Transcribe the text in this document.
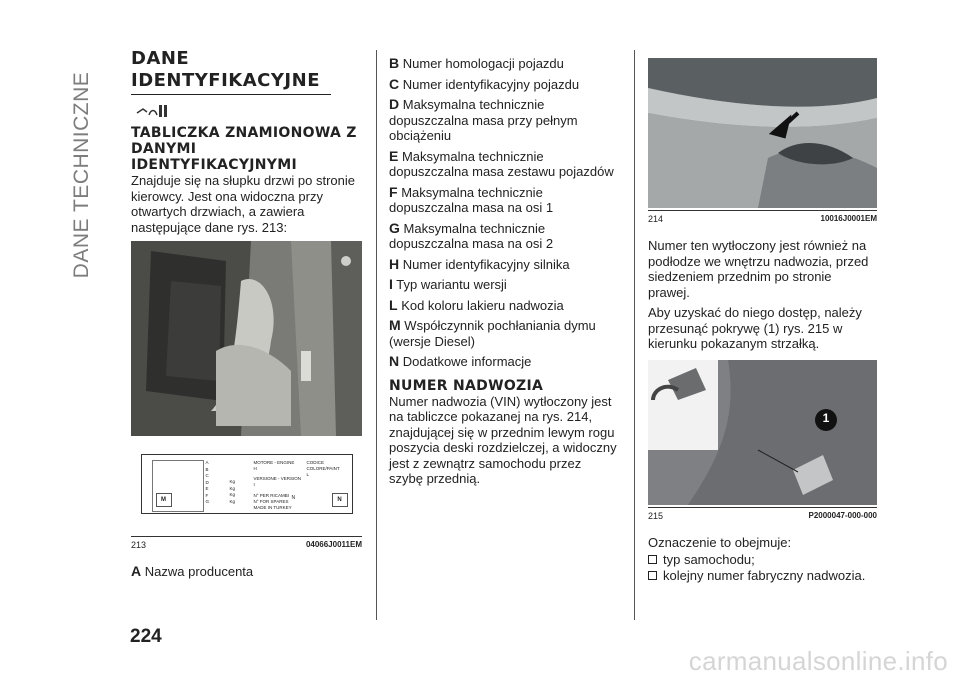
DANE TECHNICZNE
DANE IDENTYFIKACYJNE
TABLICZKA ZNAMIONOWA Z DANYMI IDENTYFIKACYJNYMI

Znajduje się na słupku drzwi po stronie kierowcy. Jest ona widoczna przy otwartych drzwiach, a zawiera następujące dane rys. 213:

M
A
B
C
D
E
F
G
Kg
Kg
Kg
Kg
MOTORE - ENGINE
H
VERSIONE - VERSION
I
N° PER RICAMBI
N° FOR SPARES
MADE IN TURKEY
N
CODICE COLORE/PAINT
L
N
213	04066J0011EM

A Nazwa producenta

B Numer homologacji pojazdu

C Numer identyfikacyjny pojazdu

D Maksymalna technicznie dopuszczalna masa przy pełnym obciążeniu

E Maksymalna technicznie dopuszczalna masa zestawu pojazdów

F Maksymalna technicznie dopuszczalna masa na osi 1

G Maksymalna technicznie dopuszczalna masa na osi 2

H Numer identyfikacyjny silnika

I Typ wariantu wersji

L Kod koloru lakieru nadwozia

M Współczynnik pochłaniania dymu (wersje Diesel)

N Dodatkowe informacje

NUMER NADWOZIA

Numer nadwozia (VIN) wytłoczony jest na tabliczce pokazanej na rys. 214, znajdującej się w przednim lewym rogu poszycia deski rozdzielczej, a widoczny jest z zewnątrz samochodu przez szybę przednią.

214	10016J0001EM

Numer ten wytłoczony jest również na podłodze we wnętrzu nadwozia, przed siedzeniem przednim po stronie prawej.

Aby uzyskać do niego dostęp, należy przesunąć pokrywę (1) rys. 215 w kierunku pokazanym strzałką.

1
215	P2000047-000-000

Oznaczenie to obejmuje:

typ samochodu;
kolejny numer fabryczny nadwozia.
224
carmanualsonline.info
